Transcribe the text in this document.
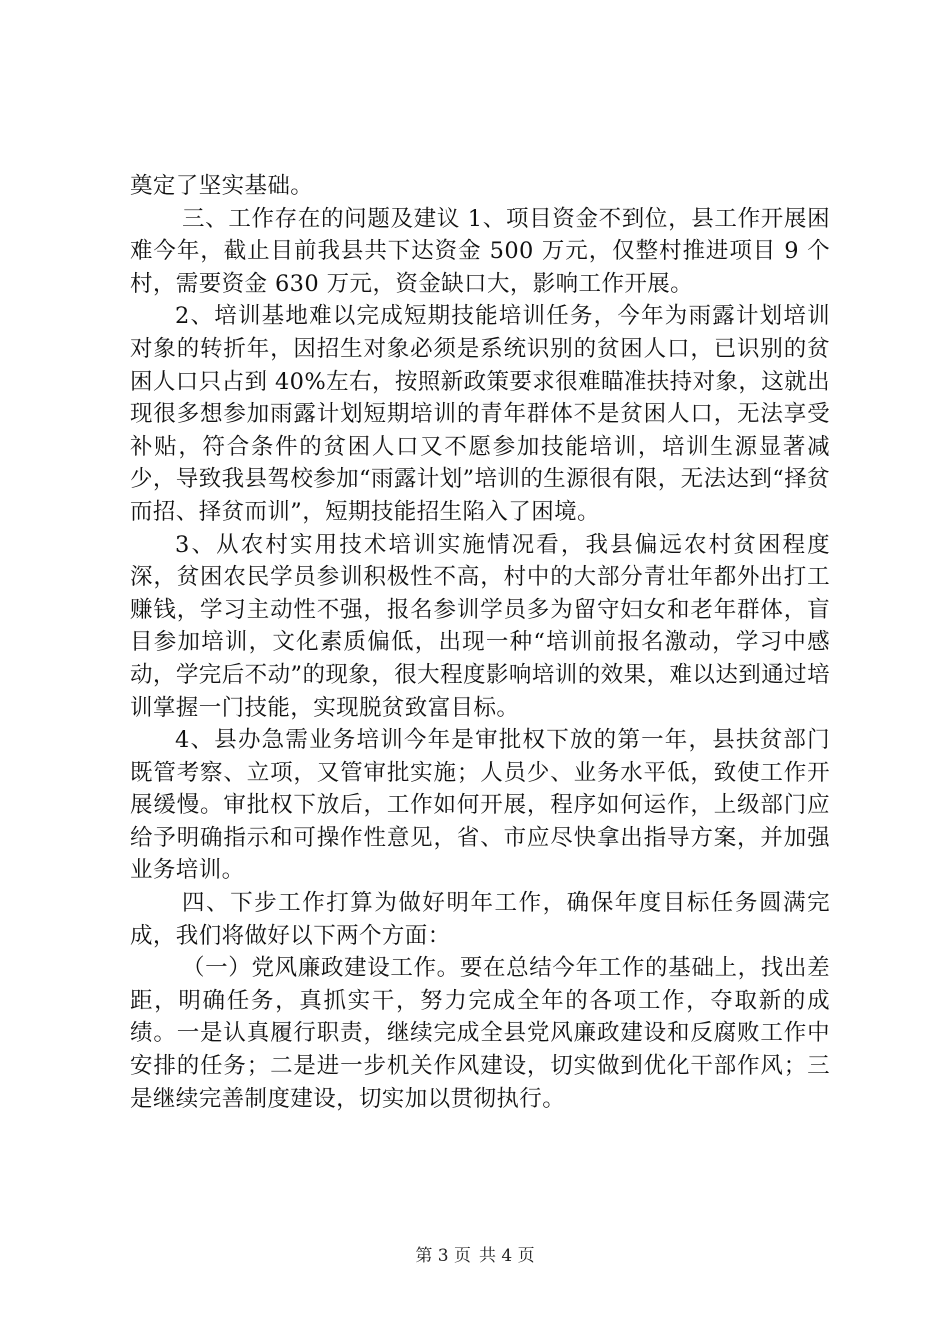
奠定了坚实基础。

三、工作存在的问题及建议 1、项目资金不到位，县工作开展困难今年，截止目前我县共下达资金 500 万元，仅整村推进项目 9 个村，需要资金 630 万元，资金缺口大，影响工作开展。

2、培训基地难以完成短期技能培训任务，今年为雨露计划培训对象的转折年，因招生对象必须是系统识别的贫困人口，已识别的贫困人口只占到 40%左右，按照新政策要求很难瞄准扶持对象，这就出现很多想参加雨露计划短期培训的青年群体不是贫困人口，无法享受补贴，符合条件的贫困人口又不愿参加技能培训，培训生源显著减少，导致我县驾校参加“雨露计划”培训的生源很有限，无法达到“择贫而招、择贫而训”，短期技能招生陷入了困境。

3、从农村实用技术培训实施情况看，我县偏远农村贫困程度深，贫困农民学员参训积极性不高，村中的大部分青壮年都外出打工赚钱，学习主动性不强，报名参训学员多为留守妇女和老年群体，盲目参加培训，文化素质偏低，出现一种“培训前报名激动，学习中感动，学完后不动”的现象，很大程度影响培训的效果，难以达到通过培训掌握一门技能，实现脱贫致富目标。

4、县办急需业务培训今年是审批权下放的第一年，县扶贫部门既管考察、立项，又管审批实施；人员少、业务水平低，致使工作开展缓慢。审批权下放后，工作如何开展，程序如何运作，上级部门应给予明确指示和可操作性意见，省、市应尽快拿出指导方案，并加强业务培训。

四、下步工作打算为做好明年工作，确保年度目标任务圆满完成，我们将做好以下两个方面：

（一）党风廉政建设工作。要在总结今年工作的基础上，找出差距，明确任务，真抓实干，努力完成全年的各项工作，夺取新的成绩。一是认真履行职责，继续完成全县党风廉政建设和反腐败工作中安排的任务；二是进一步机关作风建设，切实做到优化干部作风；三是继续完善制度建设，切实加以贯彻执行。

第 3 页 共 4 页
